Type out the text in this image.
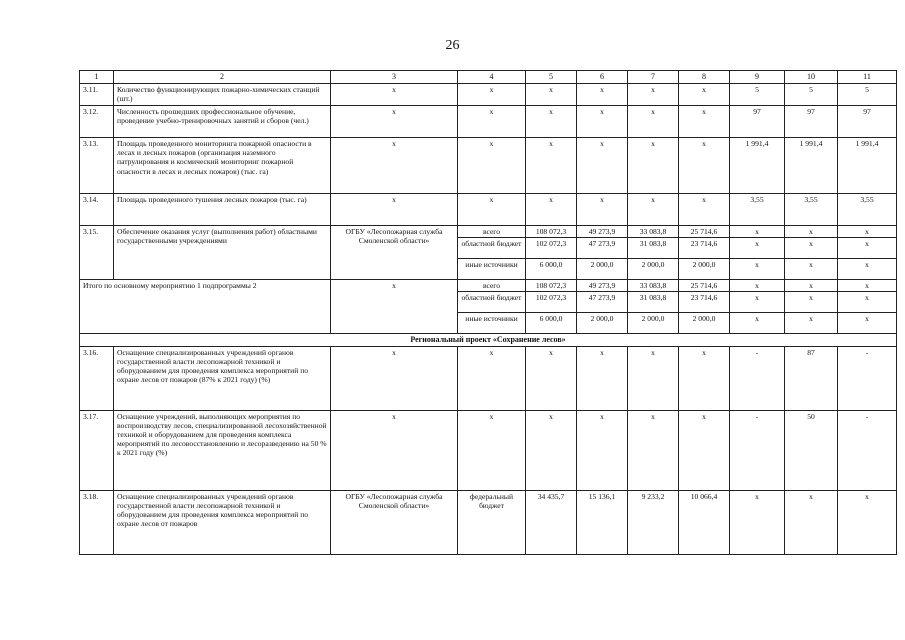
26
1	2	3	4	5	6	7	8	9	10	11
3.11.	Количество функционирующих пожарно-химических станций (шт.)	х	х	х	х	х	х	5	5	5
3.12.	Численность прошедших профессиональное обучение, проведение учебно-тренировочных занятий и сборов (чел.)	х	х	х	х	х	х	97	97	97
3.13.	Площадь проведенного мониторинга пожарной опасности в лесах и лесных пожаров (организация наземного патрулирования и космический мониторинг пожарной опасности в лесах и лесных пожаров) (тыс. га)	х	х	х	х	х	х	1 991,4	1 991,4	1 991,4
3.14.	Площадь проведенного тушения лесных пожаров (тыс. га)	х	х	х	х	х	х	3,55	3,55	3,55
3.15.	Обеспечение оказания услуг (выполнения работ) областными государственными учреждениями	ОГБУ «Лесопожарная служба Смоленской области»	всего	108 072,3	49 273,9	33 083,8	25 714,6	х	х	х
			областной бюджет	102 072,3	47 273,9	31 083,8	23 714,6	х	х	х
			иные источники	6 000,0	2 000,0	2 000,0	2 000,0	х	х	х
Итого по основному мероприятию 1 подпрограммы 2		х	всего	108 072,3	49 273,9	33 083,8	25 714,6	х	х	х
			областной бюджет	102 072,3	47 273,9	31 083,8	23 714,6	х	х	х
			иные источники	6 000,0	2 000,0	2 000,0	2 000,0	х	х	х
Региональный проект «Сохранение лесов»										
3.16.	Оснащение специализированных учреждений органов государственной власти лесопожарной техникой и оборудованием для проведения комплекса мероприятий по охране лесов от пожаров (87% к 2021 году) (%)	х	х	х	х	х	х	-	87	-
3.17.	Оснащение учреждений, выполняющих мероприятия по воспроизводству лесов, специализированной лесохозяйственной техникой и оборудованием для проведения комплекса мероприятий по лесовосстановлению и лесоразведению на 50 % к 2021 году (%)	х	х	х	х	х	х	-	50	-
3.18.	Оснащение специализированных учреждений органов государственной власти лесопожарной техникой и оборудованием для проведения комплекса мероприятий по охране лесов от пожаров	ОГБУ «Лесопожарная служба Смоленской области»	федеральный бюджет	34 435,7	15 136,1	9 233,2	10 066,4	х	х	х
